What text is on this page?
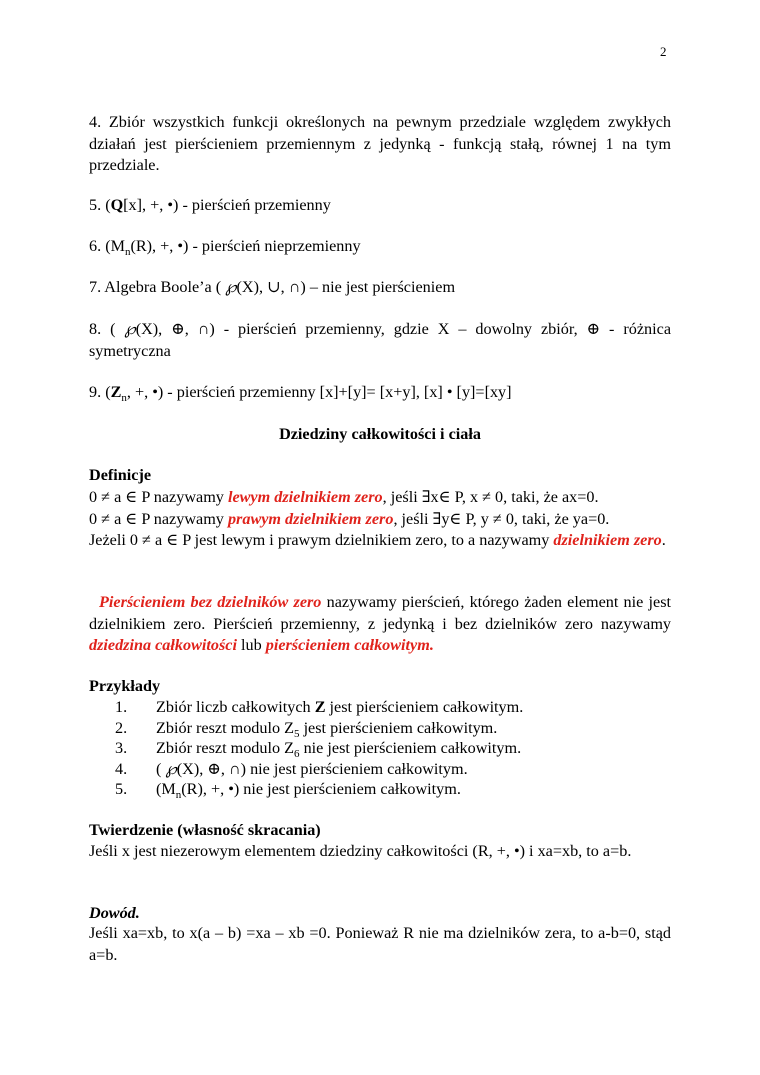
2
4. Zbiór wszystkich funkcji określonych na pewnym przedziale względem zwykłych działań jest pierścieniem przemiennym z jedynką - funkcją stałą, równej 1 na tym przedziale.
5. (Q[x], +, •) - pierścień przemienny
6. ($M_n(R)$, +, •) - pierścień nieprzemienny
7. Algebra Boole’a ( ℘(X), ∪, ∩) – nie jest pierścieniem
8. ( ℘(X), ⊕, ∩) - pierścień przemienny, gdzie X – dowolny zbiór, ⊕ - różnica symetryczna
9. ($Z_n$, +, •) - pierścień przemienny [x]+[y]= [x+y], [x] • [y]=[xy]
Dziedziny całkowitości i ciała
Definicje
0 ≠ a ∈ P nazywamy lewym dzielnikiem zero, jeśli ∃x∈ P, x ≠ 0, taki, że ax=0.
0 ≠ a ∈ P nazywamy prawym dzielnikiem zero, jeśli ∃y∈ P, y ≠ 0, taki, że ya=0.
Jeżeli 0 ≠ a ∈ P jest lewym i prawym dzielnikiem zero, to a nazywamy dzielnikiem zero.
Pierścieniem bez dzielników zero nazywamy pierścień, którego żaden element nie jest dzielnikiem zero. Pierścień przemienny, z jedynką i bez dzielników zero nazywamy dziedzina całkowitości lub pierścieniem całkowitym.
Przykłady
1. Zbiór liczb całkowitych Z jest pierścieniem całkowitym.
2. Zbiór reszt modulo $Z_5$ jest pierścieniem całkowitym.
3. Zbiór reszt modulo $Z_6$ nie jest pierścieniem całkowitym.
4. ( ℘(X), ⊕, ∩) nie jest pierścieniem całkowitym.
5. ($M_n(R)$, +, •) nie jest pierścieniem całkowitym.
Twierdzenie (własność skracania)
Jeśli x jest niezerowym elementem dziedziny całkowitości (R, +, •) i xa=xb, to a=b.
Dowód.
Jeśli xa=xb, to x(a – b) =xa – xb =0. Ponieważ R nie ma dzielników zera, to a-b=0, stąd a=b.
